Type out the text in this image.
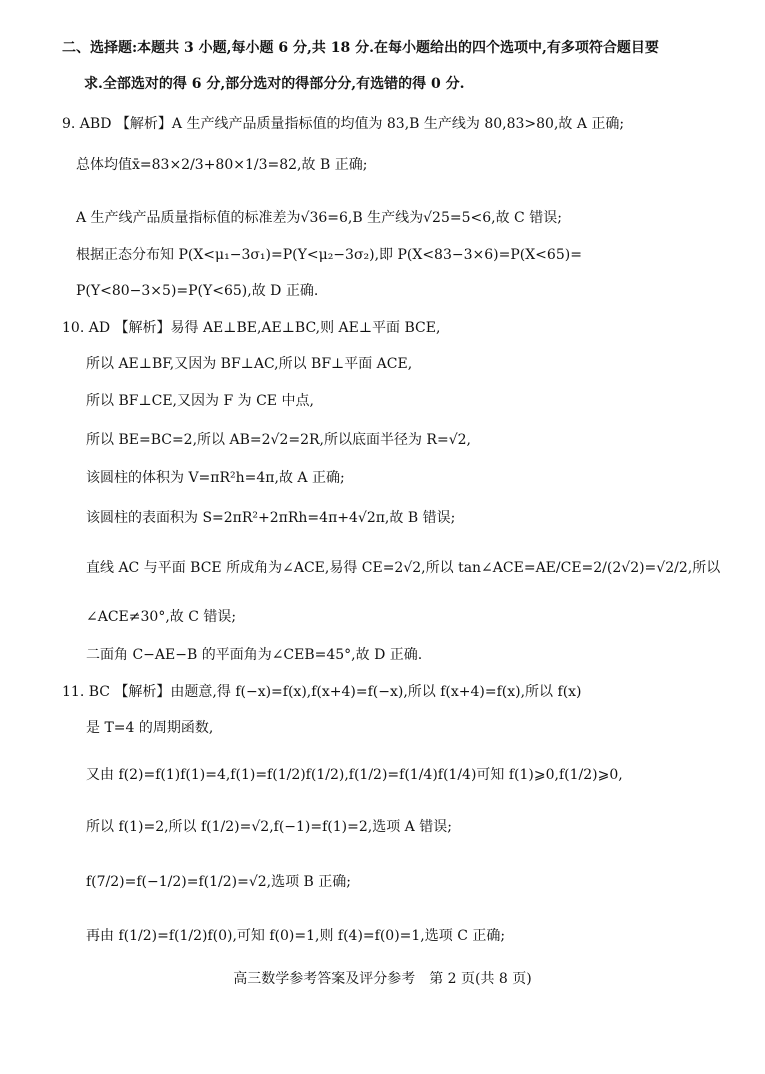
二、选择题:本题共 3 小题,每小题 6 分,共 18 分.在每小题给出的四个选项中,有多项符合题目要
求.全部选对的得 6 分,部分选对的得部分分,有选错的得 0 分.
9. ABD 【解析】A 生产线产品质量指标值的均值为 83,B 生产线为 80,83>80,故 A 正确;
总体均值x̄=83×2/3+80×1/3=82,故 B 正确;
A 生产线产品质量指标值的标准差为√36=6,B 生产线为√25=5<6,故 C 错误;
根据正态分布知 P(X<μ₁−3σ₁)=P(Y<μ₂−3σ₂),即 P(X<83−3×6)=P(X<65)=
P(Y<80−3×5)=P(Y<65),故 D 正确.
10. AD 【解析】易得 AE⊥BE,AE⊥BC,则 AE⊥平面 BCE,
所以 AE⊥BF,又因为 BF⊥AC,所以 BF⊥平面 ACE,
所以 BF⊥CE,又因为 F 为 CE 中点,
所以 BE=BC=2,所以 AB=2√2=2R,所以底面半径为 R=√2,
该圆柱的体积为 V=πR²h=4π,故 A 正确;
该圆柱的表面积为 S=2πR²+2πRh=4π+4√2π,故 B 错误;
直线 AC 与平面 BCE 所成角为∠ACE,易得 CE=2√2,所以 tan∠ACE=AE/CE=2/(2√2)=√2/2,所以
∠ACE≠30°,故 C 错误;
二面角 C−AE−B 的平面角为∠CEB=45°,故 D 正确.
11. BC 【解析】由题意,得 f(−x)=f(x),f(x+4)=f(−x),所以 f(x+4)=f(x),所以 f(x)
是 T=4 的周期函数,
又由 f(2)=f(1)f(1)=4,f(1)=f(1/2)f(1/2),f(1/2)=f(1/4)f(1/4)可知 f(1)⩾0,f(1/2)⩾0,
所以 f(1)=2,所以 f(1/2)=√2,f(−1)=f(1)=2,选项 A 错误;
f(7/2)=f(−1/2)=f(1/2)=√2,选项 B 正确;
再由 f(1/2)=f(1/2)f(0),可知 f(0)=1,则 f(4)=f(0)=1,选项 C 正确;
高三数学参考答案及评分参考　第 2 页(共 8 页)
